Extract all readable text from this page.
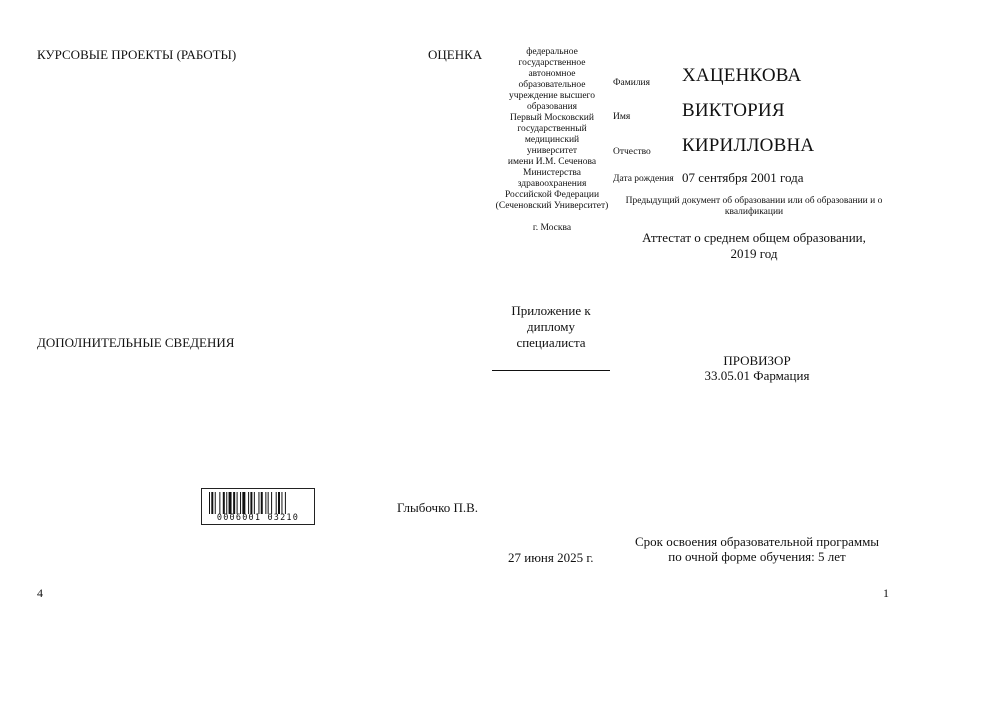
КУРСОВЫЕ ПРОЕКТЫ (РАБОТЫ)	ОЦЕНКА
ДОПОЛНИТЕЛЬНЫЕ СВЕДЕНИЯ
0006001 03210
Глыбочко П.В.
4
федеральное
государственное
автономное
образовательное
учреждение высшего
образования
Первый Московский
государственный
медицинский
университет
имени И.М. Сеченова
Министерства
здравоохранения
Российской Федерации
(Сеченовский Университет)
г. Москва
Приложение к
диплому
специалиста
Фамилия ХАЦЕНКОВА
Имя	ВИКТОРИЯ
Отчество КИРИЛЛОВНА
Дата рождения 07 сентября 2001 года
Предыдущий документ об образовании или об образовании и о квалификации
Аттестат о среднем общем образовании,
2019 год
ПРОВИЗОР
33.05.01 Фармация
27 июня 2025 г.
Срок освоения образовательной программы
по очной форме обучения: 5 лет
1
